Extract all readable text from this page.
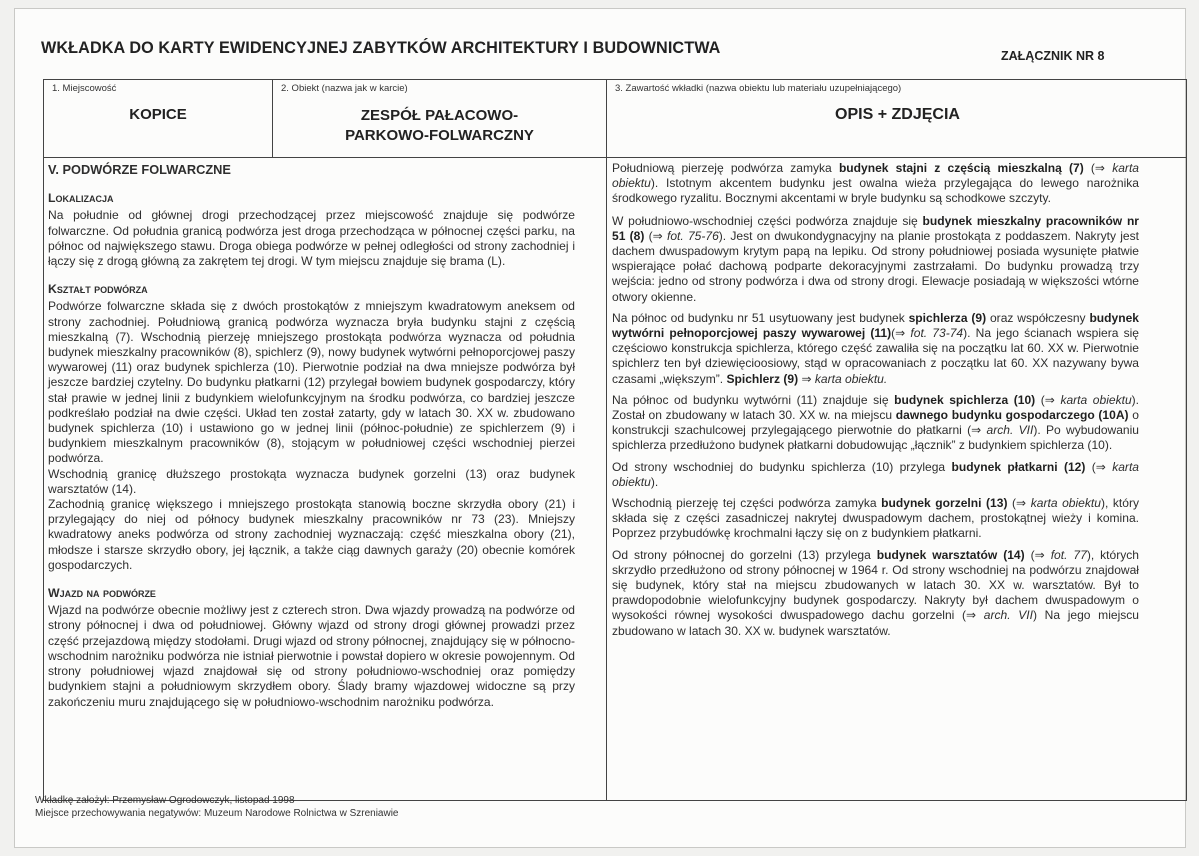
WKŁADKA DO KARTY EWIDENCYJNEJ ZABYTKÓW ARCHITEKTURY I BUDOWNICTWA	ZAŁĄCZNIK NR 8
1. Miejscowość
KOPICE
2. Obiekt (nazwa jak w karcie)
ZESPÓŁ PAŁACOWO-PARKOWO-FOLWARCZNY
3. Zawartość wkładki (nazwa obiektu lub materiału uzupełniającego)
OPIS + ZDJĘCIA
V. PODWÓRZE FOLWARCZNE
Lokalizacja
Na południe od głównej drogi przechodzącej przez miejscowość znajduje się podwórze folwarczne. Od południa granicą podwórza jest droga przechodząca w północnej części parku, na północ od największego stawu. Droga obiega podwórze w pełnej odległości od strony zachodniej i łączy się z drogą główną za zakrętem tej drogi. W tym miejscu znajduje się brama (L).
Kształt podwórza
Podwórze folwarczne składa się z dwóch prostokątów z mniejszym kwadratowym aneksem od strony zachodniej. Południową granicą podwórza wyznacza bryła budynku stajni z częścią mieszkalną (7). Wschodnią pierzeję mniejszego prostokąta podwórza wyznacza od południa budynek mieszkalny pracowników (8), spichlerz (9), nowy budynek wytwórni pełnoporcjowej paszy wywarowej (11) oraz budynek spichlerza (10). Pierwotnie podział na dwa mniejsze podwórza był jeszcze bardziej czytelny. Do budynku płatkarni (12) przylegał bowiem budynek gospodarczy, który stał prawie w jednej linii z budynkiem wielofunkcyjnym na środku podwórza, co bardziej jeszcze podkreślało podział na dwie części. Układ ten został zatarty, gdy w latach 30. XX w. zbudowano budynek spichlerza (10) i ustawiono go w jednej linii (północ-południe) ze spichlerzem (9) i budynkiem mieszkalnym pracowników (8), stojącym w południowej części wschodniej pierzei podwórza.
Wschodnią granicę dłuższego prostokąta wyznacza budynek gorzelni (13) oraz budynek warsztatów (14).
Zachodnią granicę większego i mniejszego prostokąta stanowią boczne skrzydła obory (21) i przylegający do niej od północy budynek mieszkalny pracowników nr 73 (23). Mniejszy kwadratowy aneks podwórza od strony zachodniej wyznaczają: część mieszkalna obory (21), młodsze i starsze skrzydło obory, jej łącznik, a także ciąg dawnych garaży (20) obecnie komórek gospodarczych.
Wjazd na podwórze
Wjazd na podwórze obecnie możliwy jest z czterech stron. Dwa wjazdy prowadzą na podwórze od strony północnej i dwa od południowej. Główny wjazd od strony drogi głównej prowadzi przez część przejazdową między stodołami. Drugi wjazd od strony północnej, znajdujący się w północno-wschodnim narożniku podwórza nie istniał pierwotnie i powstał dopiero w okresie powojennym. Od strony południowej wjazd znajdował się od strony południowo-wschodniej oraz pomiędzy budynkiem stajni a południowym skrzydłem obory. Ślady bramy wjazdowej widoczne są przy zakończeniu muru znajdującego się w południowo-wschodnim narożniku podwórza.
Południową pierzeję podwórza zamyka budynek stajni z częścią mieszkalną (7) (⇒ karta obiektu). Istotnym akcentem budynku jest owalna wieża przylegająca do lewego narożnika środkowego ryzalitu. Bocznymi akcentami w bryle budynku są schodkowe szczyty.
W południowo-wschodniej części podwórza znajduje się budynek mieszkalny pracowników nr 51 (8) (⇒ fot. 75-76). Jest on dwukondygnacyjny na planie prostokąta z poddaszem. Nakryty jest dachem dwuspadowym krytym papą na lepiku. Od strony południowej posiada wysunięte płatwie wspierające połać dachową podparte dekoracyjnymi zastrzałami. Do budynku prowadzą trzy wejścia: jedno od strony podwórza i dwa od strony drogi. Elewacje posiadają w większości wtórne otwory okienne.
Na północ od budynku nr 51 usytuowany jest budynek spichlerza (9) oraz współczesny budynek wytwórni pełnoporcjowej paszy wywarowej (11)(⇒ fot. 73-74). Na jego ścianach wspiera się częściowo konstrukcja spichlerza, którego część zawaliła się na początku lat 60. XX w. Pierwotnie spichlerz ten był dziewięcioosiowy, stąd w opracowaniach z początku lat 60. XX nazywany bywa czasami „większym”. Spichlerz (9) ⇒ karta obiektu.
Na północ od budynku wytwórni (11) znajduje się budynek spichlerza (10) (⇒ karta obiektu). Został on zbudowany w latach 30. XX w. na miejscu dawnego budynku gospodarczego (10A) o konstrukcji szachulcowej przylegającego pierwotnie do płatkarni (⇒ arch. VII). Po wybudowaniu spichlerza przedłużono budynek płatkarni dobudowując „łącznik” z budynkiem spichlerza (10).
Od strony wschodniej do budynku spichlerza (10) przylega budynek płatkarni (12) (⇒ karta obiektu).
Wschodnią pierzeję tej części podwórza zamyka budynek gorzelni (13) (⇒ karta obiektu), który składa się z części zasadniczej nakrytej dwuspadowym dachem, prostokątnej wieży i komina. Poprzez przybudówkę krochmalni łączy się on z budynkiem płatkarni.
Od strony północnej do gorzelni (13) przylega budynek warsztatów (14) (⇒ fot. 77), których skrzydło przedłużono od strony północnej w 1964 r. Od strony wschodniej na podwórzu znajdował się budynek, który stał na miejscu zbudowanych w latach 30. XX w. warsztatów. Był to prawdopodobnie wielofunkcyjny budynek gospodarczy. Nakryty był dachem dwuspadowym o wysokości równej wysokości dwuspadowego dachu gorzelni (⇒ arch. VII) Na jego miejscu zbudowano w latach 30. XX w. budynek warsztatów.
Wkładkę założył: Przemysław Ogrodowczyk, listopad 1998
Miejsce przechowywania negatywów: Muzeum Narodowe Rolnictwa w Szreniawie
